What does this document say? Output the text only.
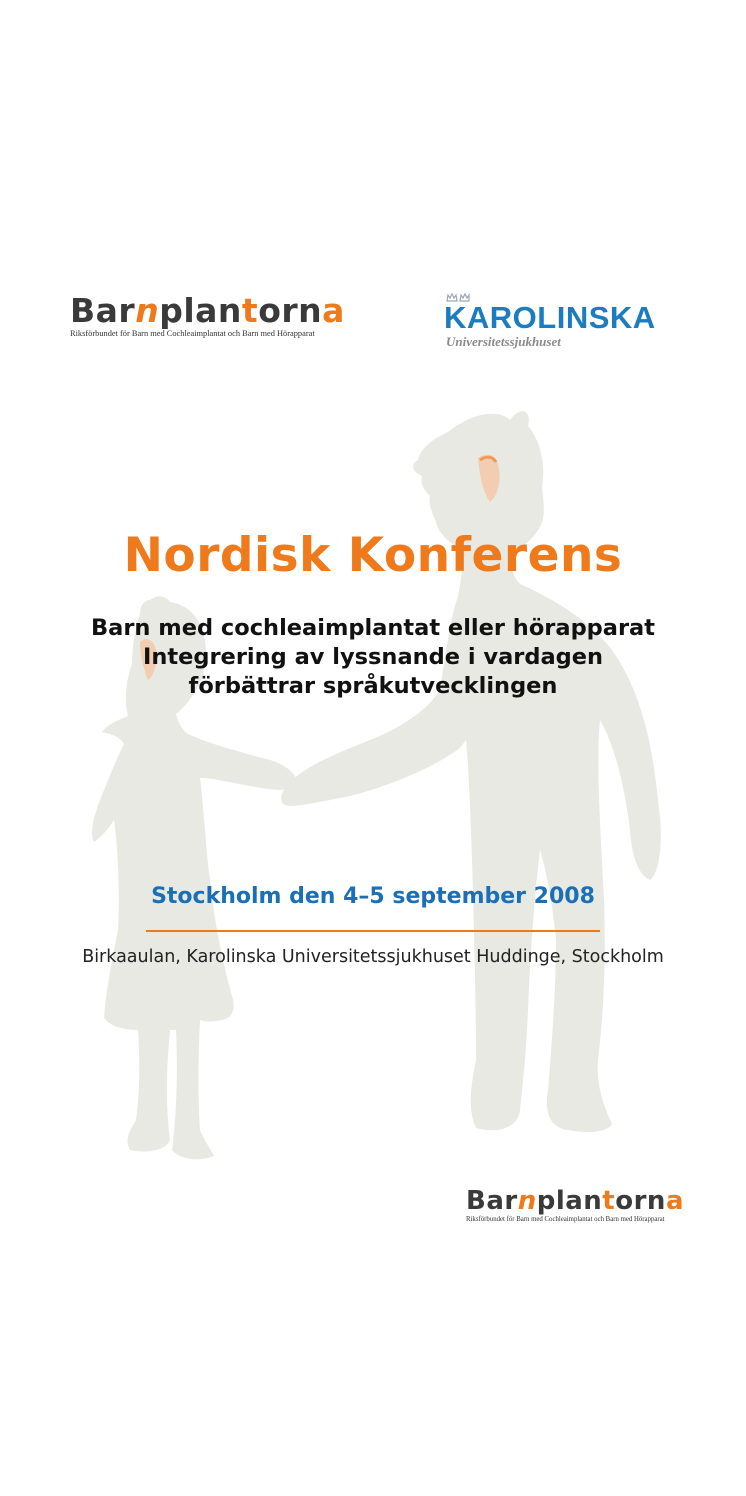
Barnplantorna
Riksförbundet för Barn med Cochleaimplantat och Barn med Hörapparat	KAROLINSKA
Universitetssjukhuset
Nordisk Konferens
Barn med cochleaimplantat eller hörapparat
Integrering av lyssnande i vardagen
förbättrar språkutvecklingen
Stockholm den 4–5 september 2008
Birkaaulan, Karolinska Universitetssjukhuset Huddinge, Stockholm
Barnplantorna
Riksförbundet för Barn med Cochleaimplantat och Barn med Hörapparat
